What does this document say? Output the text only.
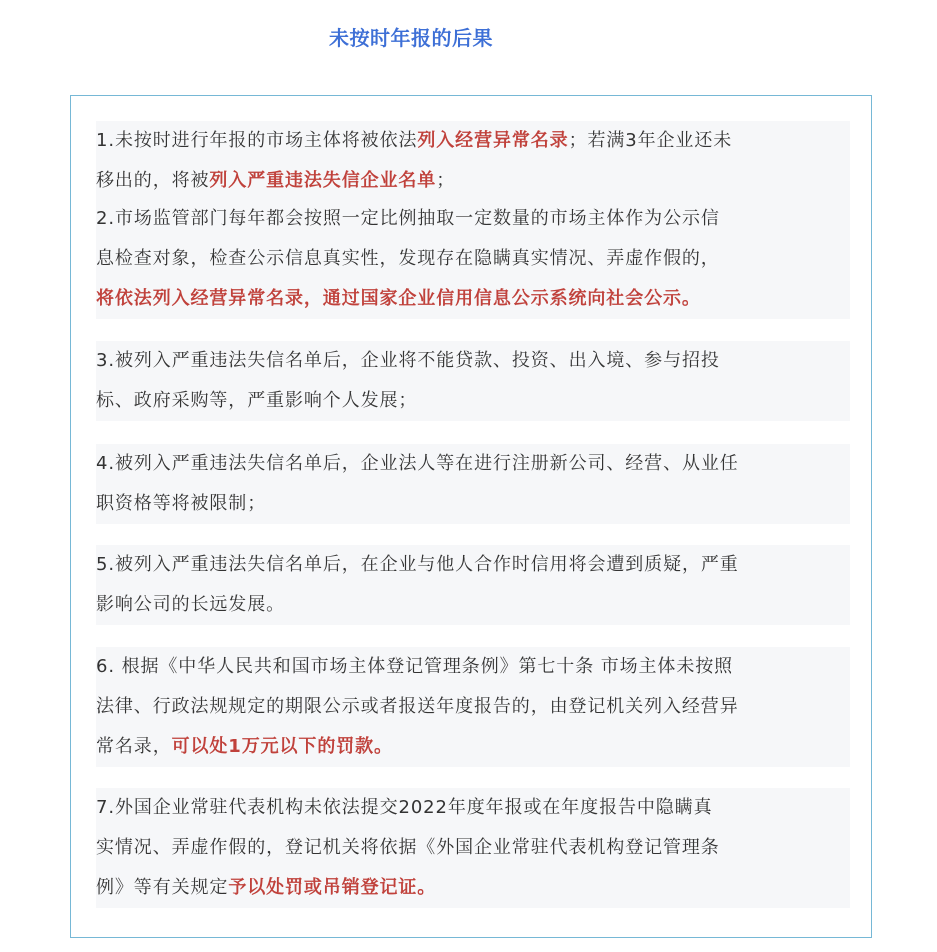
未按时年报的后果
1.未按时进行年报的市场主体将被依法列入经营异常名录；若满3年企业还未
移出的，将被列入严重违法失信企业名单；
2.市场监管部门每年都会按照一定比例抽取一定数量的市场主体作为公示信
息检查对象，检查公示信息真实性，发现存在隐瞒真实情况、弄虚作假的，
将依法列入经营异常名录，通过国家企业信用信息公示系统向社会公示。
3.被列入严重违法失信名单后，企业将不能贷款、投资、出入境、参与招投
标、政府采购等，严重影响个人发展；
4.被列入严重违法失信名单后，企业法人等在进行注册新公司、经营、从业任
职资格等将被限制；
5.被列入严重违法失信名单后，在企业与他人合作时信用将会遭到质疑，严重
影响公司的长远发展。
6. 根据《中华人民共和国市场主体登记管理条例》第七十条 市场主体未按照
法律、行政法规规定的期限公示或者报送年度报告的，由登记机关列入经营异
常名录，可以处1万元以下的罚款。
7.外国企业常驻代表机构未依法提交2022年度年报或在年度报告中隐瞒真
实情况、弄虚作假的，登记机关将依据《外国企业常驻代表机构登记管理条
例》等有关规定予以处罚或吊销登记证。
